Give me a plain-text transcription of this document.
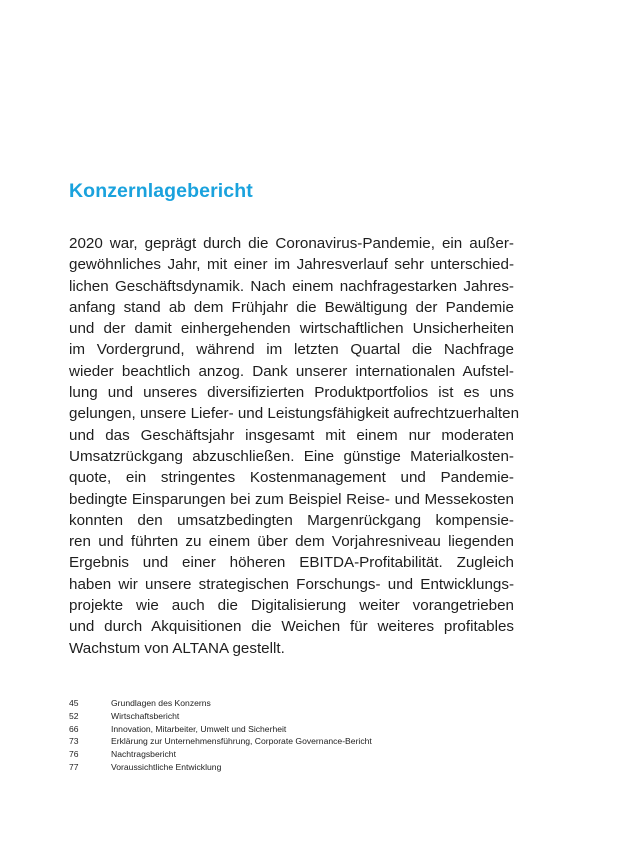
Konzernlagebericht
2020 war, geprägt durch die Coronavirus-Pandemie, ein außer-
gewöhnliches Jahr, mit einer im Jahresverlauf sehr unterschied-
lichen Geschäftsdynamik. Nach einem nachfragestarken Jahres-
anfang stand ab dem Frühjahr die Bewältigung der Pandemie
und der damit einhergehenden wirtschaftlichen Unsicherheiten
im Vordergrund, während im letzten Quartal die Nachfrage
wieder beachtlich anzog. Dank unserer internationalen Aufstel-
lung und unseres diversifizierten Produktportfolios ist es uns
gelungen, unsere Liefer- und Leistungsfähigkeit aufrechtzuerhalten
und das Geschäftsjahr insgesamt mit einem nur moderaten
Umsatzrückgang abzuschließen. Eine günstige Materialkosten-
quote, ein stringentes Kostenmanagement und Pandemie-
bedingte Einsparungen bei zum Beispiel Reise- und Messekosten
konnten den umsatzbedingten Margenrückgang kompensie-
ren und führten zu einem über dem Vorjahresniveau liegenden
Ergebnis und einer höheren EBITDA-Profitabilität. Zugleich
haben wir unsere strategischen Forschungs- und Entwicklungs-
projekte wie auch die Digitalisierung weiter vorangetrieben
und durch Akquisitionen die Weichen für weiteres profitables
Wachstum von ALTANA gestellt.
45	Grundlagen des Konzerns
52	Wirtschaftsbericht
66	Innovation, Mitarbeiter, Umwelt und Sicherheit
73	Erklärung zur Unternehmensführung, Corporate Governance-Bericht
76	Nachtragsbericht
77	Voraussichtliche Entwicklung
